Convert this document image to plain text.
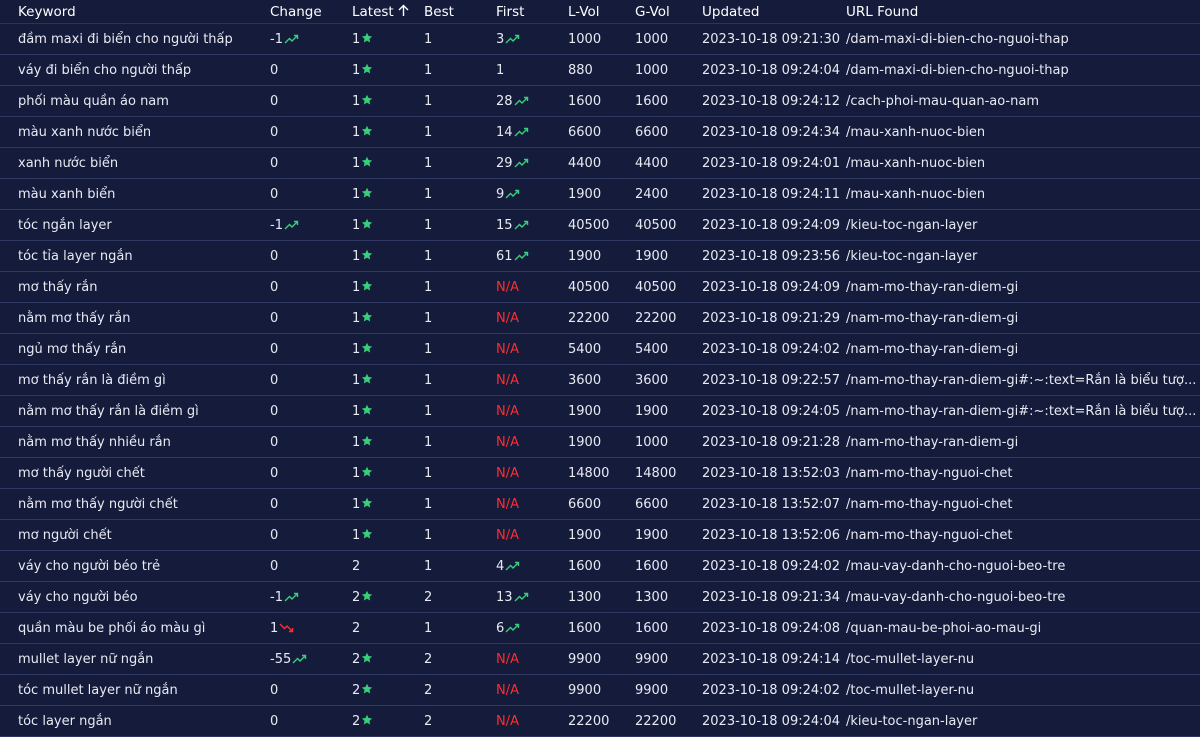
Keyword	Change	Latest	Best	First	L-Vol	G-Vol	Updated	URL Found
đầm maxi đi biển cho người thấp	-1	1	1	3	1000	1000	2023-10-18 09:21:30	/dam-maxi-di-bien-cho-nguoi-thap
váy đi biển cho người thấp	0	1	1	1	880	1000	2023-10-18 09:24:04	/dam-maxi-di-bien-cho-nguoi-thap
phối màu quần áo nam	0	1	1	28	1600	1600	2023-10-18 09:24:12	/cach-phoi-mau-quan-ao-nam
màu xanh nước biển	0	1	1	14	6600	6600	2023-10-18 09:24:34	/mau-xanh-nuoc-bien
xanh nước biển	0	1	1	29	4400	4400	2023-10-18 09:24:01	/mau-xanh-nuoc-bien
màu xanh biển	0	1	1	9	1900	2400	2023-10-18 09:24:11	/mau-xanh-nuoc-bien
tóc ngắn layer	-1	1	1	15	40500	40500	2023-10-18 09:24:09	/kieu-toc-ngan-layer
tóc tỉa layer ngắn	0	1	1	61	1900	1900	2023-10-18 09:23:56	/kieu-toc-ngan-layer
mơ thấy rắn	0	1	1	N/A	40500	40500	2023-10-18 09:24:09	/nam-mo-thay-ran-diem-gi
nằm mơ thấy rắn	0	1	1	N/A	22200	22200	2023-10-18 09:21:29	/nam-mo-thay-ran-diem-gi
ngủ mơ thấy rắn	0	1	1	N/A	5400	5400	2023-10-18 09:24:02	/nam-mo-thay-ran-diem-gi
mơ thấy rắn là điềm gì	0	1	1	N/A	3600	3600	2023-10-18 09:22:57	/nam-mo-thay-ran-diem-gi#:~:text=Rắn là biểu tượ...
nằm mơ thấy rắn là điềm gì	0	1	1	N/A	1900	1900	2023-10-18 09:24:05	/nam-mo-thay-ran-diem-gi#:~:text=Rắn là biểu tượ...
nằm mơ thấy nhiều rắn	0	1	1	N/A	1900	1000	2023-10-18 09:21:28	/nam-mo-thay-ran-diem-gi
mơ thấy người chết	0	1	1	N/A	14800	14800	2023-10-18 13:52:03	/nam-mo-thay-nguoi-chet
nằm mơ thấy người chết	0	1	1	N/A	6600	6600	2023-10-18 13:52:07	/nam-mo-thay-nguoi-chet
mơ người chết	0	1	1	N/A	1900	1900	2023-10-18 13:52:06	/nam-mo-thay-nguoi-chet
váy cho người béo trẻ	0	2	1	4	1600	1600	2023-10-18 09:24:02	/mau-vay-danh-cho-nguoi-beo-tre
váy cho người béo	-1	2	2	13	1300	1300	2023-10-18 09:21:34	/mau-vay-danh-cho-nguoi-beo-tre
quần màu be phối áo màu gì	1	2	1	6	1600	1600	2023-10-18 09:24:08	/quan-mau-be-phoi-ao-mau-gi
mullet layer nữ ngắn	-55	2	2	N/A	9900	9900	2023-10-18 09:24:14	/toc-mullet-layer-nu
tóc mullet layer nữ ngắn	0	2	2	N/A	9900	9900	2023-10-18 09:24:02	/toc-mullet-layer-nu
tóc layer ngắn	0	2	2	N/A	22200	22200	2023-10-18 09:24:04	/kieu-toc-ngan-layer
